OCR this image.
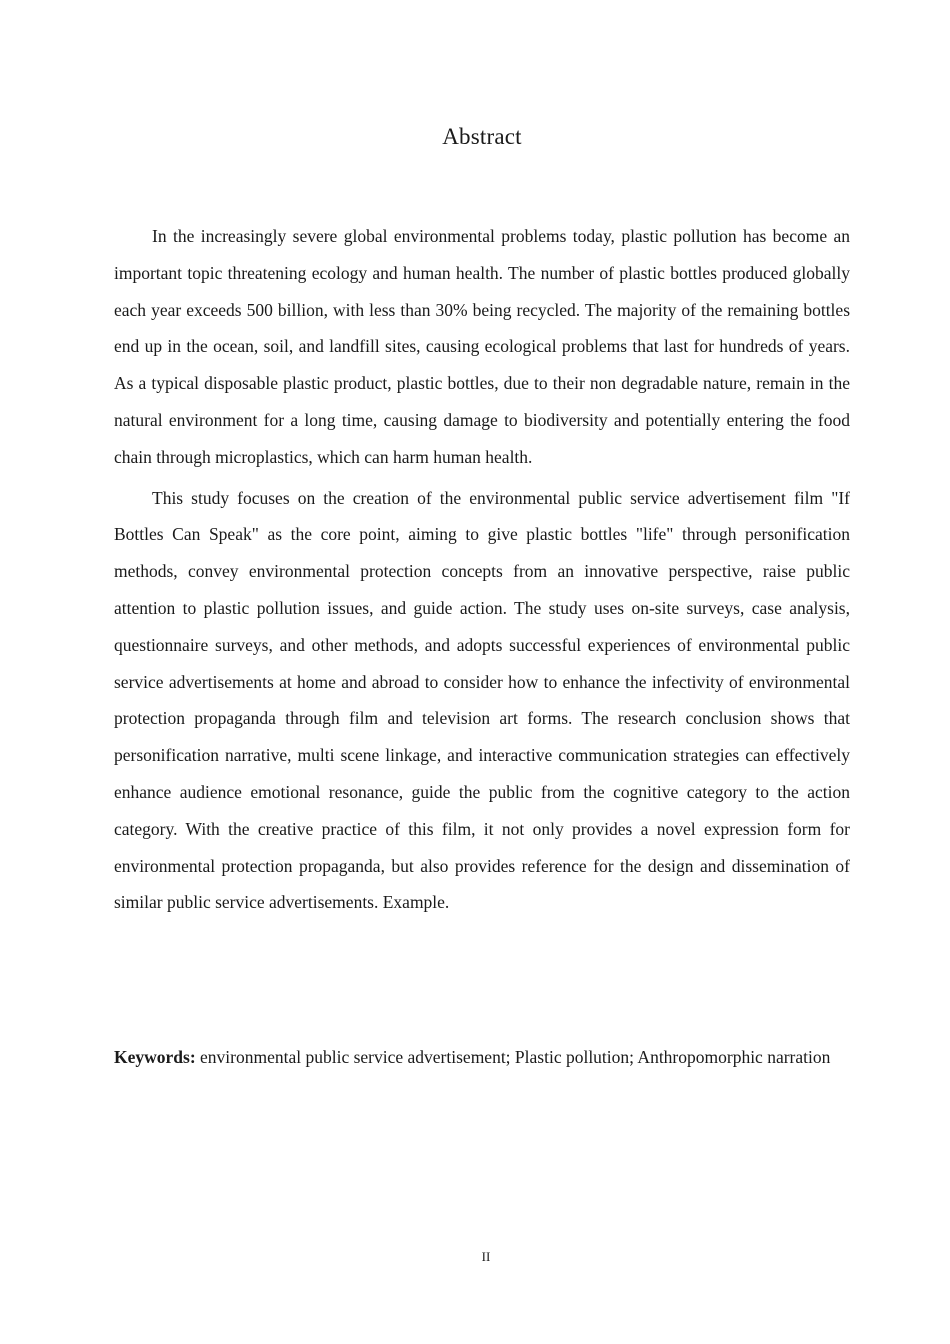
Abstract

In the increasingly severe global environmental problems today, plastic pollution has become an important topic threatening ecology and human health. The number of plastic bottles produced globally each year exceeds 500 billion, with less than 30% being recycled. The majority of the remaining bottles end up in the ocean, soil, and landfill sites, causing ecological problems that last for hundreds of years. As a typical disposable plastic product, plastic bottles, due to their non degradable nature, remain in the natural environment for a long time, causing damage to biodiversity and potentially entering the food chain through microplastics, which can harm human health.

This study focuses on the creation of the environmental public service advertisement film "If Bottles Can Speak" as the core point, aiming to give plastic bottles "life" through personification methods, convey environmental protection concepts from an innovative perspective, raise public attention to plastic pollution issues, and guide action. The study uses on-site surveys, case analysis, questionnaire surveys, and other methods, and adopts successful experiences of environmental public service advertisements at home and abroad to consider how to enhance the infectivity of environmental protection propaganda through film and television art forms. The research conclusion shows that personification narrative, multi scene linkage, and interactive communication strategies can effectively enhance audience emotional resonance, guide the public from the cognitive category to the action category. With the creative practice of this film, it not only provides a novel expression form for environmental protection propaganda, but also provides reference for the design and dissemination of similar public service advertisements. Example.

Keywords: environmental public service advertisement; Plastic pollution; Anthropomorphic narration

II
